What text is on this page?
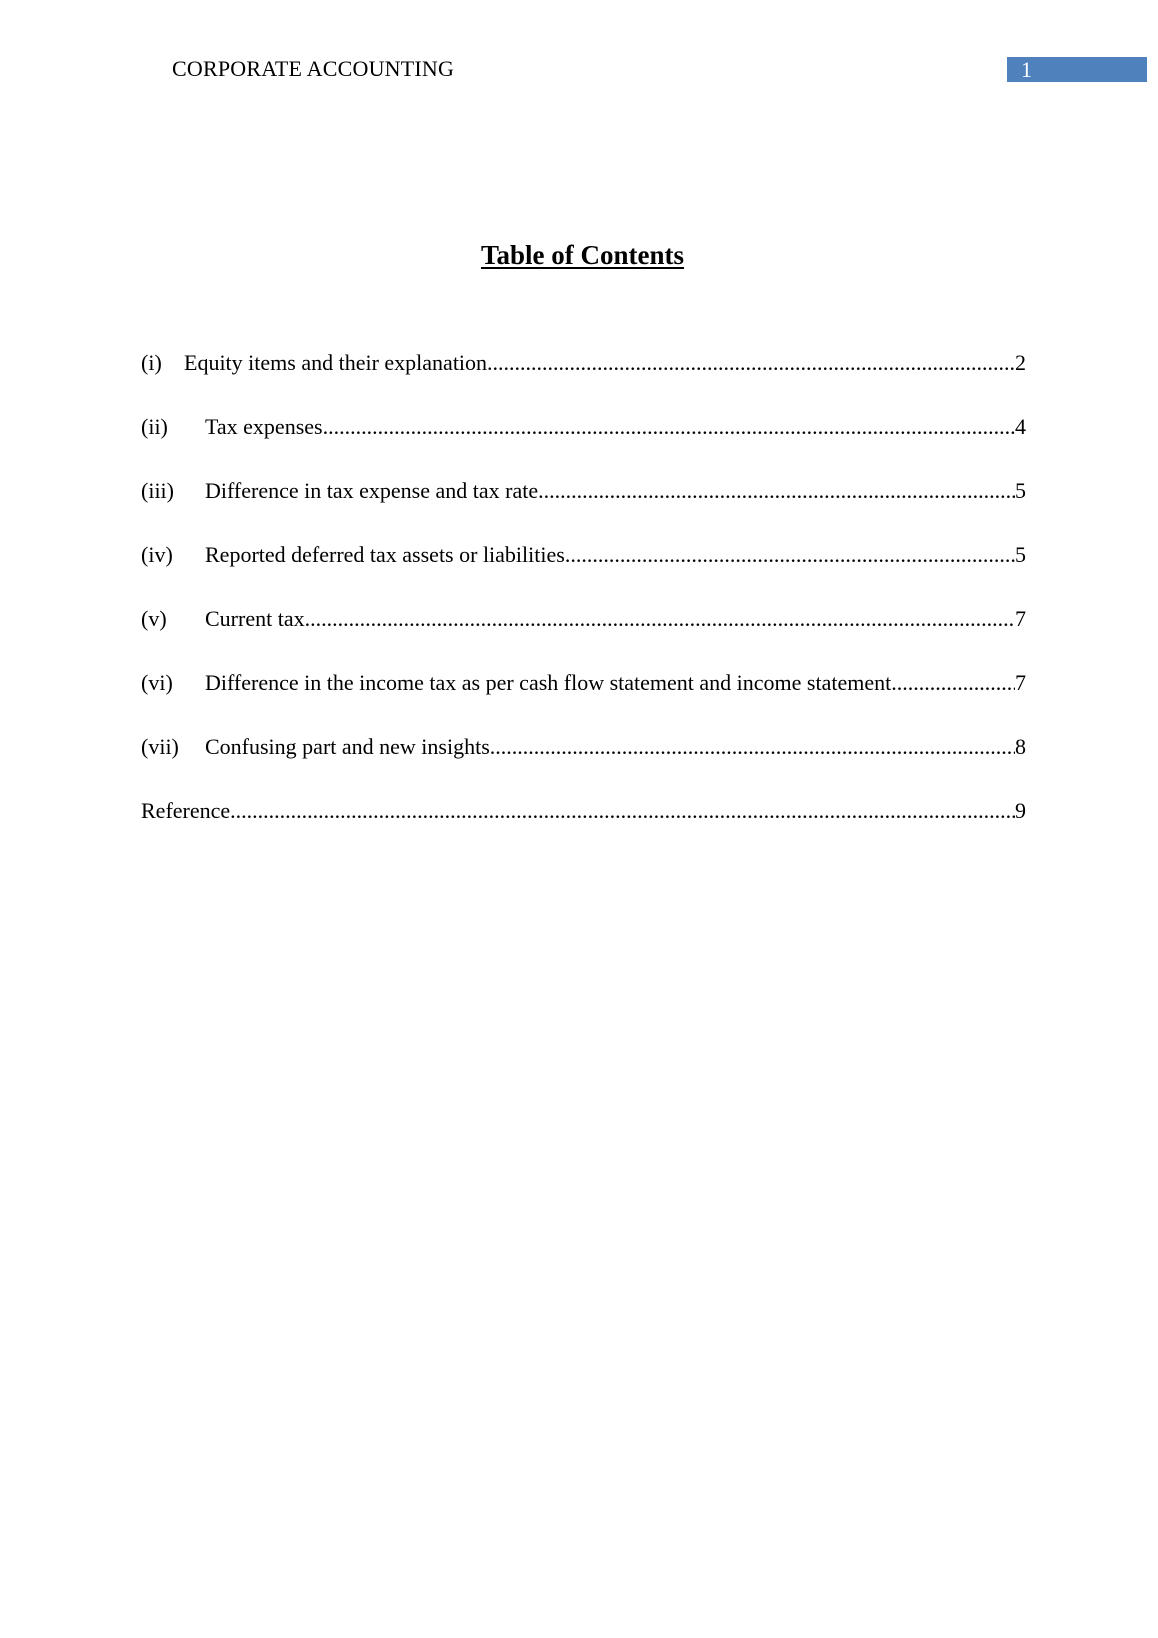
CORPORATE ACCOUNTING	1
Table of Contents
(i)	Equity items and their explanation .....	2
(ii)	Tax expenses .....	4
(iii)	Difference in tax expense and tax rate .....	5
(iv)	Reported deferred tax assets or liabilities .....	5
(v)	Current tax .....	7
(vi)	Difference in the income tax as per cash flow statement and income statement .....	7
(vii)	Confusing part and new insights .....	8
Reference .....	9
